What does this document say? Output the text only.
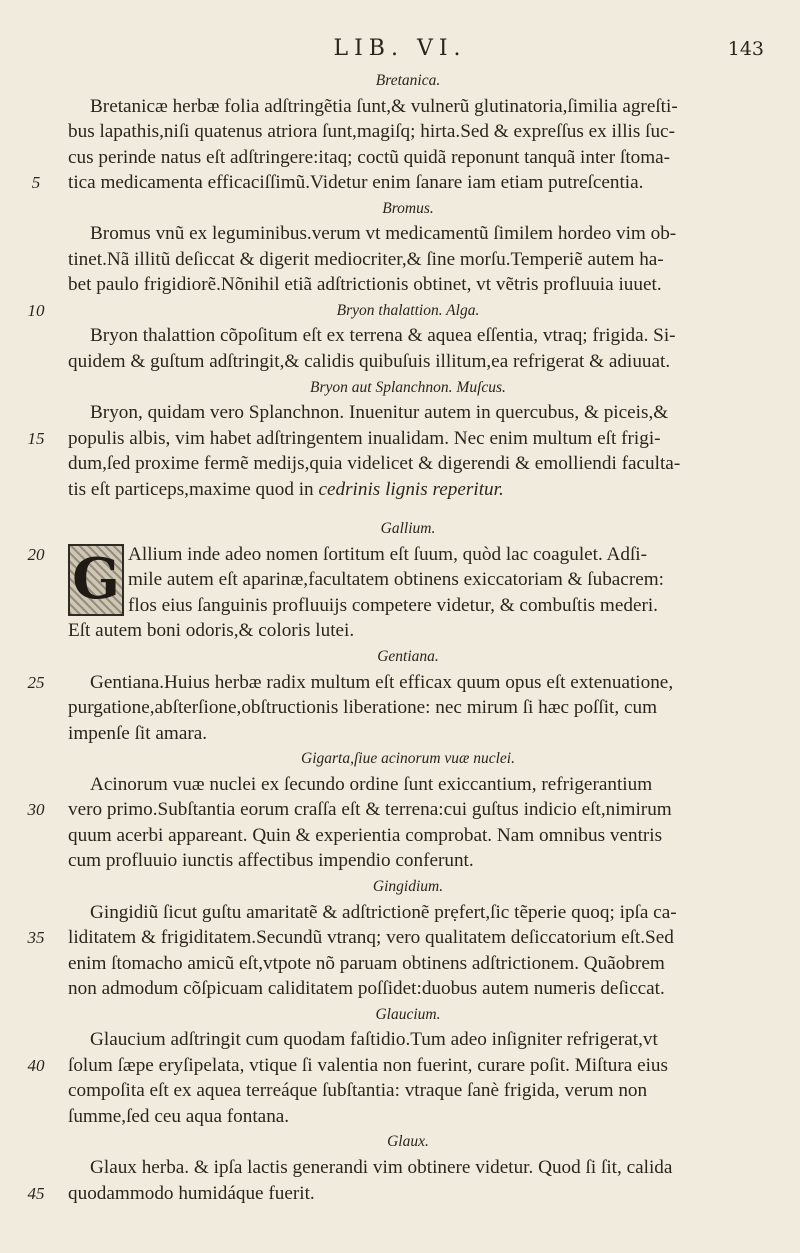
LIB. VI.	143
Bretanica.
Bretanicæ herbæ folia adſtringẽtia ſunt,& vulnerũ glutinatoria,ſimilia agreſti-
bus lapathis,niſi quatenus atriora ſunt,magiſq; hirta.Sed & expreſſus ex illis ſuc-
cus perinde natus eſt adſtringere:itaq; coctũ quidã reponunt tanquã inter ſtoma-
tica medicamenta efficaciſſimũ.Videtur enim ſanare iam etiam putreſcentia.
5
Bromus.
Bromus vnũ ex leguminibus.verum vt medicamentũ ſimilem hordeo vim ob-
tinet.Nã illitũ deſiccat & digerit mediocriter,& ſine morſu.Temperiẽ autem ha-
bet paulo frigidiorẽ.Nõnihil etiã adſtrictionis obtinet, vt vẽtris profluuia iuuet.
Bryon thalattion. Alga.
10
Bryon thalattion cõpoſitum eſt ex terrena & aquea eſſentia, vtraq; frigida. Si-
quidem & guſtum adſtringit,& calidis quibuſuis illitum,ea refrigerat & adiuuat.
Bryon aut Splanchnon. Muſcus.
Bryon, quidam vero Splanchnon. Inuenitur autem in quercubus, & piceis,&
populis albis, vim habet adſtringentem inualidam. Nec enim multum eſt frigi-
15
dum,ſed proxime fermẽ medijs,quia videlicet & digerendi & emolliendi faculta-
tis eſt particeps,maxime quod in cedrinis lignis reperitur.
Gallium.
Allium inde adeo nomen ſortitum eſt ſuum, quòd lac coagulet. Adſi-
20 G mile autem eſt aparinæ,facultatem obtinens exiccatoriam & ſubacrem:
flos eius ſanguinis profluuijs competere videtur, & combuſtis mederi.
Eſt autem boni odoris,& coloris lutei.
Gentiana.
Gentiana.Huius herbæ radix multum eſt efficax quum opus eſt extenuatione,
25
purgatione,abſterſione,obſtructionis liberatione: nec mirum ſi hæc poſſit, cum
impenſe ſit amara.
Gigarta,ſiue acinorum vuæ nuclei.
Acinorum vuæ nuclei ex ſecundo ordine ſunt exiccantium, refrigerantium
vero primo.Subſtantia eorum craſſa eſt & terrena:cui guſtus indicio eſt,nimirum
30
quum acerbi appareant. Quin & experientia comprobat. Nam omnibus ventris
cum profluuio iunctis affectibus impendio conferunt.
Gingidium.
Gingidiũ ſicut guſtu amaritatẽ & adſtrictionẽ prẹfert,ſic tẽperie quoq; ipſa ca-
liditatem & frigiditatem.Secundũ vtranq; vero qualitatem deſiccatorium eſt.Sed
35
enim ſtomacho amicũ eſt,vtpote nõ paruam obtinens adſtrictionem. Quãobrem
non admodum cõſpicuam caliditatem poſſidet:duobus autem numeris deſiccat.
Glaucium.
Glaucium adſtringit cum quodam faſtidio.Tum adeo inſigniter refrigerat,vt
ſolum ſæpe eryſipelata, vtique ſi valentia non fuerint, curare poſit. Miſtura eius
40
compoſita eſt ex aquea terreáque ſubſtantia: vtraque ſanè frigida, verum non
ſumme,ſed ceu aqua fontana.
Glaux.
Glaux herba. & ipſa lactis generandi vim obtinere videtur. Quod ſi ſit, calida
quodammodo humidáque fuerit.
45
